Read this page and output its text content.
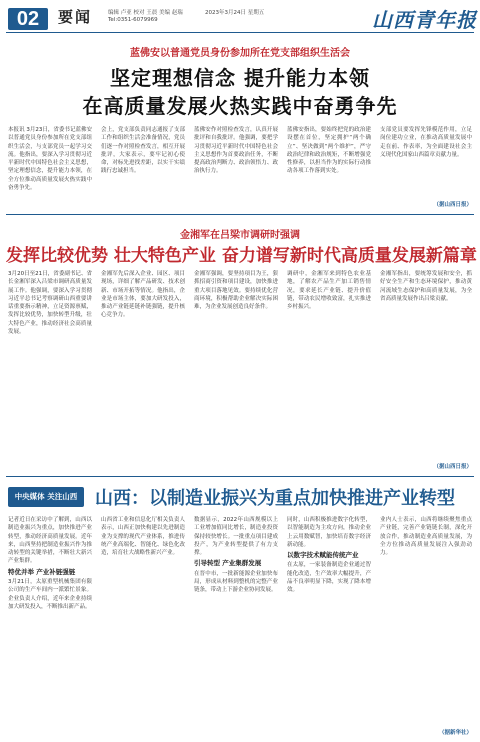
02	要闻	编辑 卢亚 校对 王晨 美编 赵瑞
Tel:0351-6079969
2023年3月24日 星期五	山西青年报
蓝佛安以普通党员身份参加所在党支部组织生活会
坚定理想信念 提升能力本领
在高质量发展火热实践中奋勇争先
本报讯 3月23日，省委书记蓝佛安以普通党员身份参加所在党支部组织生活会，与支部党员一起学习交流。他指出，要深入学习贯彻习近平新时代中国特色社会主义思想，坚定理想信念，提升能力本领，在全方位推动高质量发展火热实践中奋勇争先。
会上，党支部负责同志通报了支部工作和组织生活会准备情况，党员们逐一作对照检查发言，相互开展批评，大家表示，要牢记初心使命，对标先进找差距，以实干实绩践行忠诚担当。
蓝佛安作对照检查发言，认真开展批评和自我批评。他强调，要把学习贯彻习近平新时代中国特色社会主义思想作为首要政治任务，不断提高政治判断力、政治领悟力、政治执行力。
蓝佛安指出，要始终把党的政治建设摆在首位，坚定拥护“两个确立”、坚决做到“两个维护”，严守政治纪律和政治规矩，不断增强党性修养，以担当作为的实际行动推动各项工作落到实处。
支部党员要发挥先锋模范作用，立足岗位建功立业，在推动高质量发展中走在前、作表率，为全面建设社会主义现代化国家山西篇章贡献力量。
（据山西日报）
金湘军在吕梁市调研时强调
发挥比较优势 壮大特色产业 奋力谱写新时代高质量发展新篇章
3月20日至21日，省委副书记、省长金湘军深入吕梁市调研高质量发展工作。他强调，要深入学习贯彻习近平总书记考察调研山西重要讲话重要指示精神，立足资源禀赋，发挥比较优势，加快转型升级，壮大特色产业，推动经济社会高质量发展。
金湘军先后深入企业、园区、项目现场，详细了解产品研发、技术创新、市场开拓等情况。他指出，企业是市场主体，要加大研发投入，推动产业链延链补链强链，提升核心竞争力。
金湘军强调，要坚持项目为王，狠抓招商引资和项目建设，加快推进重大项目落地见效。要持续优化营商环境，积极帮助企业解决实际困难，为企业发展创造良好条件。
调研中，金湘军来到特色农业基地，了解农产品生产加工销售情况，要求延长产业链、提升价值链，带动农民增收致富，扎实推进乡村振兴。
金湘军指出，要统筹发展和安全，抓好安全生产和生态环境保护，推动黄河流域生态保护和高质量发展，为全省高质量发展作出吕梁贡献。
（据山西日报）
中央媒体 关注山西 山西：以制造业振兴为重点加快推进产业转型
记者近日在采访中了解到，山西以制造业振兴为重点，加快推进产业转型，推动经济高质量发展。近年来，山西坚持把制造业振兴作为推动转型的关键举措，不断壮大新兴产业集群。
特优并举 产业补链强链
3月21日，太原重型机械集团有限公司的生产车间内一派繁忙景象。企业负责人介绍，近年来企业持续加大研发投入，不断推出新产品。
山西省工业和信息化厅相关负责人表示，山西正加快构建以先进制造业为支撑的现代产业体系，推进传统产业高端化、智能化、绿色化改造，培育壮大战略性新兴产业。
数据显示，2022年山西规模以上工业增加值同比增长，制造业投资保持较快增长。一批重点项目建成投产，为产业转型提供了有力支撑。
引导转型 产业集群发展
在晋中市，一批新能源企业加快布局，形成从材料到整机的完整产业链条，带动上下游企业协同发展。
同时，山西积极推进数字化转型，以智能制造为主攻方向，推动企业上云用数赋智，加快培育数字经济新动能。
以数字技术赋能传统产业
在太原，一家装备制造企业通过智能化改造，生产效率大幅提升，产品不良率明显下降，实现了降本增效。
业内人士表示，山西将继续聚焦重点产业链，完善产业链链长制，深化开放合作，推动制造业高质量发展，为全方位推动高质量发展注入强劲动力。
（据新华社）
